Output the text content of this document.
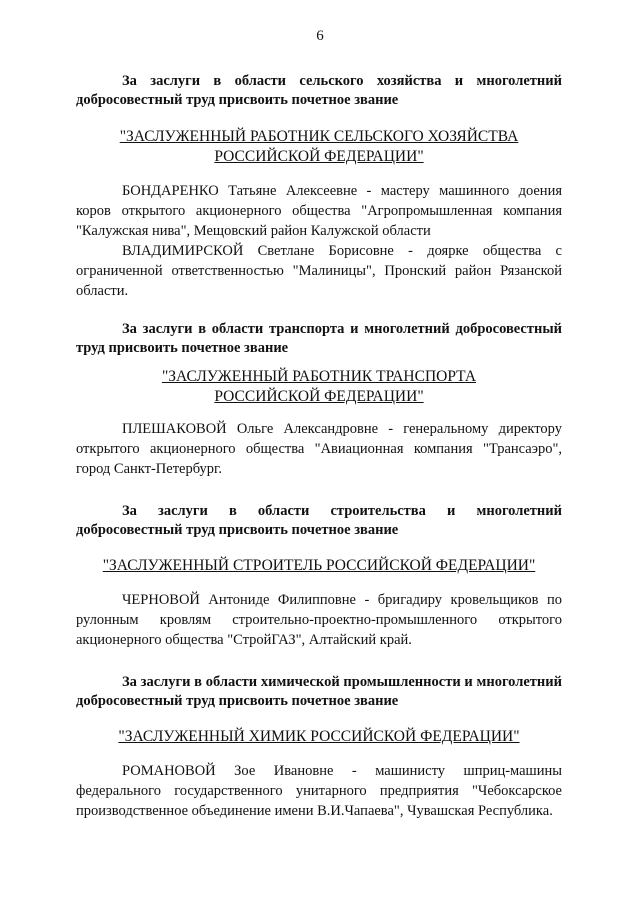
6

За заслуги в области сельского хозяйства и многолетний добросовестный труд присвоить почетное звание

"ЗАСЛУЖЕННЫЙ РАБОТНИК СЕЛЬСКОГО ХОЗЯЙСТВА

РОССИЙСКОЙ ФЕДЕРАЦИИ"

БОНДАРЕНКО Татьяне Алексеевне - мастеру машинного доения коров открытого акционерного общества "Агропромышленная компания "Калужская нива", Мещовский район Калужской области

ВЛАДИМИРСКОЙ Светлане Борисовне - доярке общества с ограниченной ответственностью "Малиницы", Пронский район Рязанской области.

За заслуги в области транспорта и многолетний добросовестный труд присвоить почетное звание

"ЗАСЛУЖЕННЫЙ РАБОТНИК ТРАНСПОРТА

РОССИЙСКОЙ ФЕДЕРАЦИИ"

ПЛЕШАКОВОЙ Ольге Александровне - генеральному директору открытого акционерного общества "Авиационная компания "Трансаэро", город Санкт-Петербург.

За заслуги в области строительства и многолетний добросовестный труд присвоить почетное звание

"ЗАСЛУЖЕННЫЙ СТРОИТЕЛЬ РОССИЙСКОЙ ФЕДЕРАЦИИ"

ЧЕРНОВОЙ Антониде Филипповне - бригадиру кровельщиков по рулонным кровлям строительно-проектно-промышленного открытого акционерного общества "СтройГАЗ", Алтайский край.

За заслуги в области химической промышленности и многолетний добросовестный труд присвоить почетное звание

"ЗАСЛУЖЕННЫЙ ХИМИК РОССИЙСКОЙ ФЕДЕРАЦИИ"

РОМАНОВОЙ Зое Ивановне - машинисту шприц-машины федерального государственного унитарного предприятия "Чебоксарское производственное объединение имени В.И.Чапаева", Чувашская Республика.
